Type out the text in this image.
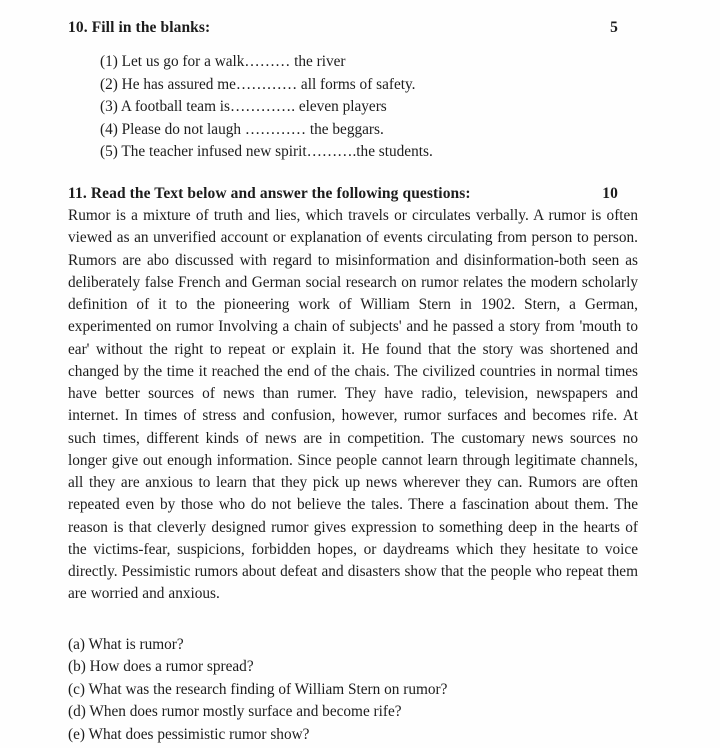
10. Fill in the blanks:	5
(1) Let us go for a walk……… the river
(2) He has assured me………… all forms of safety.
(3) A football team is…………. eleven players
(4) Please do not laugh ………… the beggars.
(5) The teacher infused new spirit……….the students.
11. Read the Text below and answer the following questions:	10

Rumor is a mixture of truth and lies, which travels or circulates verbally. A rumor is often viewed as an unverified account or explanation of events circulating from person to person. Rumors are abo discussed with regard to misinformation and disinformation-both seen as deliberately false French and German social research on rumor relates the modern scholarly definition of it to the pioneering work of William Stern in 1902. Stern, a German, experimented on rumor Involving a chain of subjects' and he passed a story from 'mouth to ear' without the right to repeat or explain it. He found that the story was shortened and changed by the time it reached the end of the chais. The civilized countries in normal times have better sources of news than rumer. They have radio, television, newspapers and internet. In times of stress and confusion, however, rumor surfaces and becomes rife. At such times, different kinds of news are in competition. The customary news sources no longer give out enough information. Since people cannot learn through legitimate channels, all they are anxious to learn that they pick up news wherever they can. Rumors are often repeated even by those who do not believe the tales. There a fascination about them. The reason is that cleverly designed rumor gives expression to something deep in the hearts of the victims-fear, suspicions, forbidden hopes, or daydreams which they hesitate to voice directly. Pessimistic rumors about defeat and disasters show that the people who repeat them are worried and anxious.

(a) What is rumor?
(b) How does a rumor spread?
(c) What was the research finding of William Stern on rumor?
(d) When does rumor mostly surface and become rife?
(e) What does pessimistic rumor show?
